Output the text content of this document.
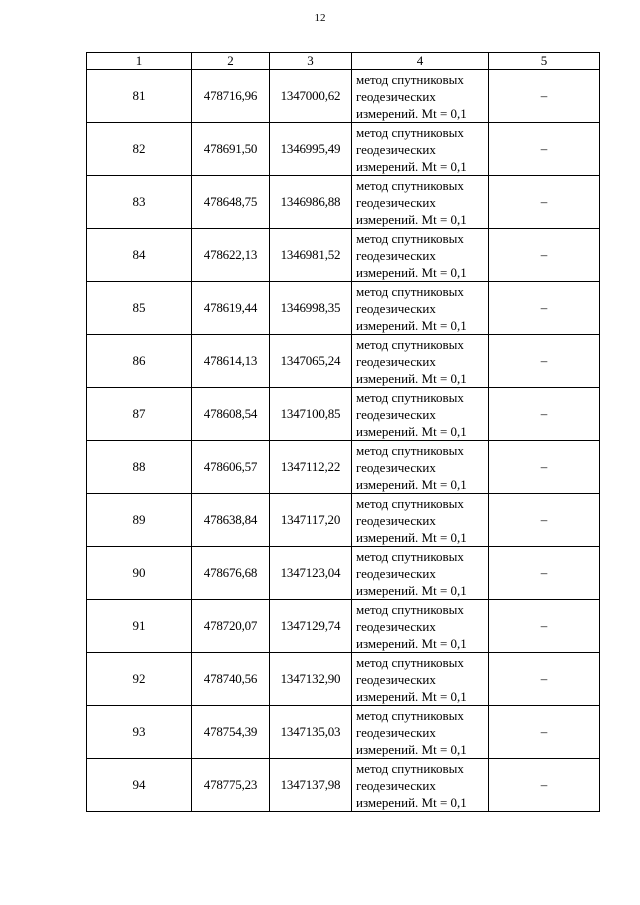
12
1	2	3	4	5
81	478716,96	1347000,62	метод спутниковых
геодезических
измерений. Mt = 0,1	–
82	478691,50	1346995,49	метод спутниковых
геодезических
измерений. Mt = 0,1	–
83	478648,75	1346986,88	метод спутниковых
геодезических
измерений. Mt = 0,1	–
84	478622,13	1346981,52	метод спутниковых
геодезических
измерений. Mt = 0,1	–
85	478619,44	1346998,35	метод спутниковых
геодезических
измерений. Mt = 0,1	–
86	478614,13	1347065,24	метод спутниковых
геодезических
измерений. Mt = 0,1	–
87	478608,54	1347100,85	метод спутниковых
геодезических
измерений. Mt = 0,1	–
88	478606,57	1347112,22	метод спутниковых
геодезических
измерений. Mt = 0,1	–
89	478638,84	1347117,20	метод спутниковых
геодезических
измерений. Mt = 0,1	–
90	478676,68	1347123,04	метод спутниковых
геодезических
измерений. Mt = 0,1	–
91	478720,07	1347129,74	метод спутниковых
геодезических
измерений. Mt = 0,1	–
92	478740,56	1347132,90	метод спутниковых
геодезических
измерений. Mt = 0,1	–
93	478754,39	1347135,03	метод спутниковых
геодезических
измерений. Mt = 0,1	–
94	478775,23	1347137,98	метод спутниковых
геодезических
измерений. Mt = 0,1	–
